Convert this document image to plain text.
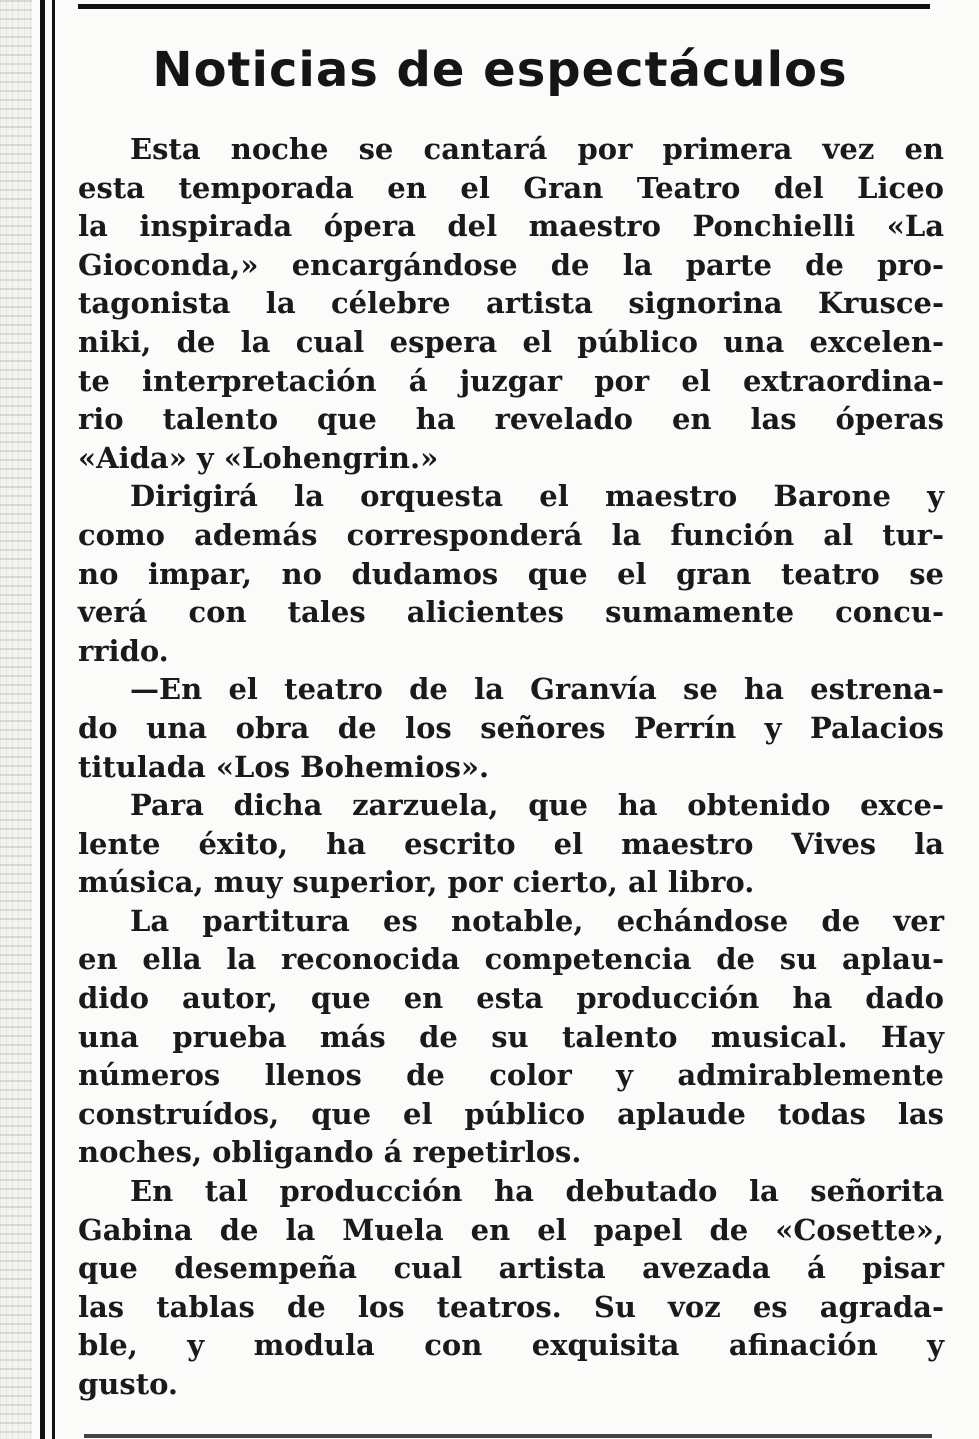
Noticias de espectáculos
Esta noche se cantará por primera vez en
esta temporada en el Gran Teatro del Liceo
la inspirada ópera del maestro Ponchielli «La
Gioconda,» encargándose de la parte de pro-
tagonista la célebre artista signorina Krusce-
niki, de la cual espera el público una excelen-
te interpretación á juzgar por el extraordina-
rio talento que ha revelado en las óperas
«Aida» y «Lohengrin.»
Dirigirá la orquesta el maestro Barone y
como además corresponderá la función al tur-
no impar, no dudamos que el gran teatro se
verá con tales alicientes sumamente concu-
rrido.
—En el teatro de la Granvía se ha estrena-
do una obra de los señores Perrín y Palacios
titulada «Los Bohemios».
Para dicha zarzuela, que ha obtenido exce-
lente éxito, ha escrito el maestro Vives la
música, muy superior, por cierto, al libro.
La partitura es notable, echándose de ver
en ella la reconocida competencia de su aplau-
dido autor, que en esta producción ha dado
una prueba más de su talento musical. Hay
números llenos de color y admirablemente
construídos, que el público aplaude todas las
noches, obligando á repetirlos.
En tal producción ha debutado la señorita
Gabina de la Muela en el papel de «Cosette»,
que desempeña cual artista avezada á pisar
las tablas de los teatros. Su voz es agrada-
ble, y modula con exquisita afinación y
gusto.
